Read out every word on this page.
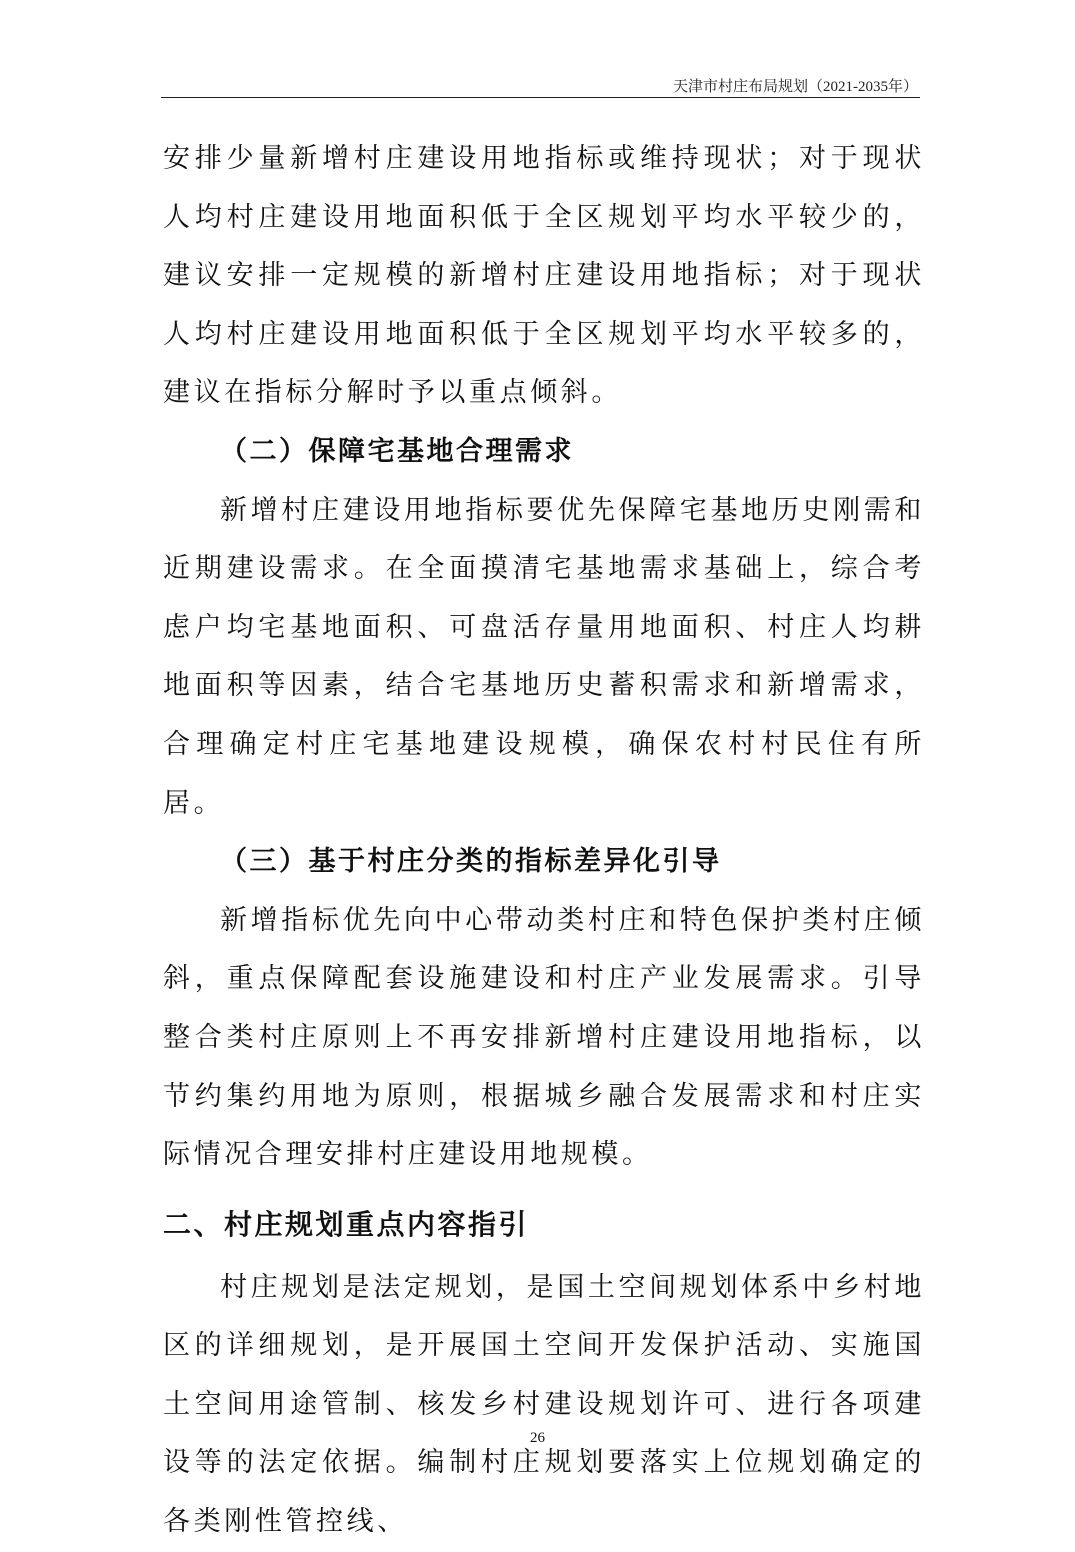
天津市村庄布局规划（2021-2035年）

安排少量新增村庄建设用地指标或维持现状；对于现状人均村庄建设用地面积低于全区规划平均水平较少的，建议安排一定规模的新增村庄建设用地指标；对于现状人均村庄建设用地面积低于全区规划平均水平较多的，建议在指标分解时予以重点倾斜。

（二）保障宅基地合理需求

新增村庄建设用地指标要优先保障宅基地历史刚需和近期建设需求。在全面摸清宅基地需求基础上，综合考虑户均宅基地面积、可盘活存量用地面积、村庄人均耕地面积等因素，结合宅基地历史蓄积需求和新增需求，合理确定村庄宅基地建设规模，确保农村村民住有所居。

（三）基于村庄分类的指标差异化引导

新增指标优先向中心带动类村庄和特色保护类村庄倾斜，重点保障配套设施建设和村庄产业发展需求。引导整合类村庄原则上不再安排新增村庄建设用地指标，以节约集约用地为原则，根据城乡融合发展需求和村庄实际情况合理安排村庄建设用地规模。

二、村庄规划重点内容指引

村庄规划是法定规划，是国土空间规划体系中乡村地区的详细规划，是开展国土空间开发保护活动、实施国土空间用途管制、核发乡村建设规划许可、进行各项建设等的法定依据。编制村庄规划要落实上位规划确定的各类刚性管控线、

26
